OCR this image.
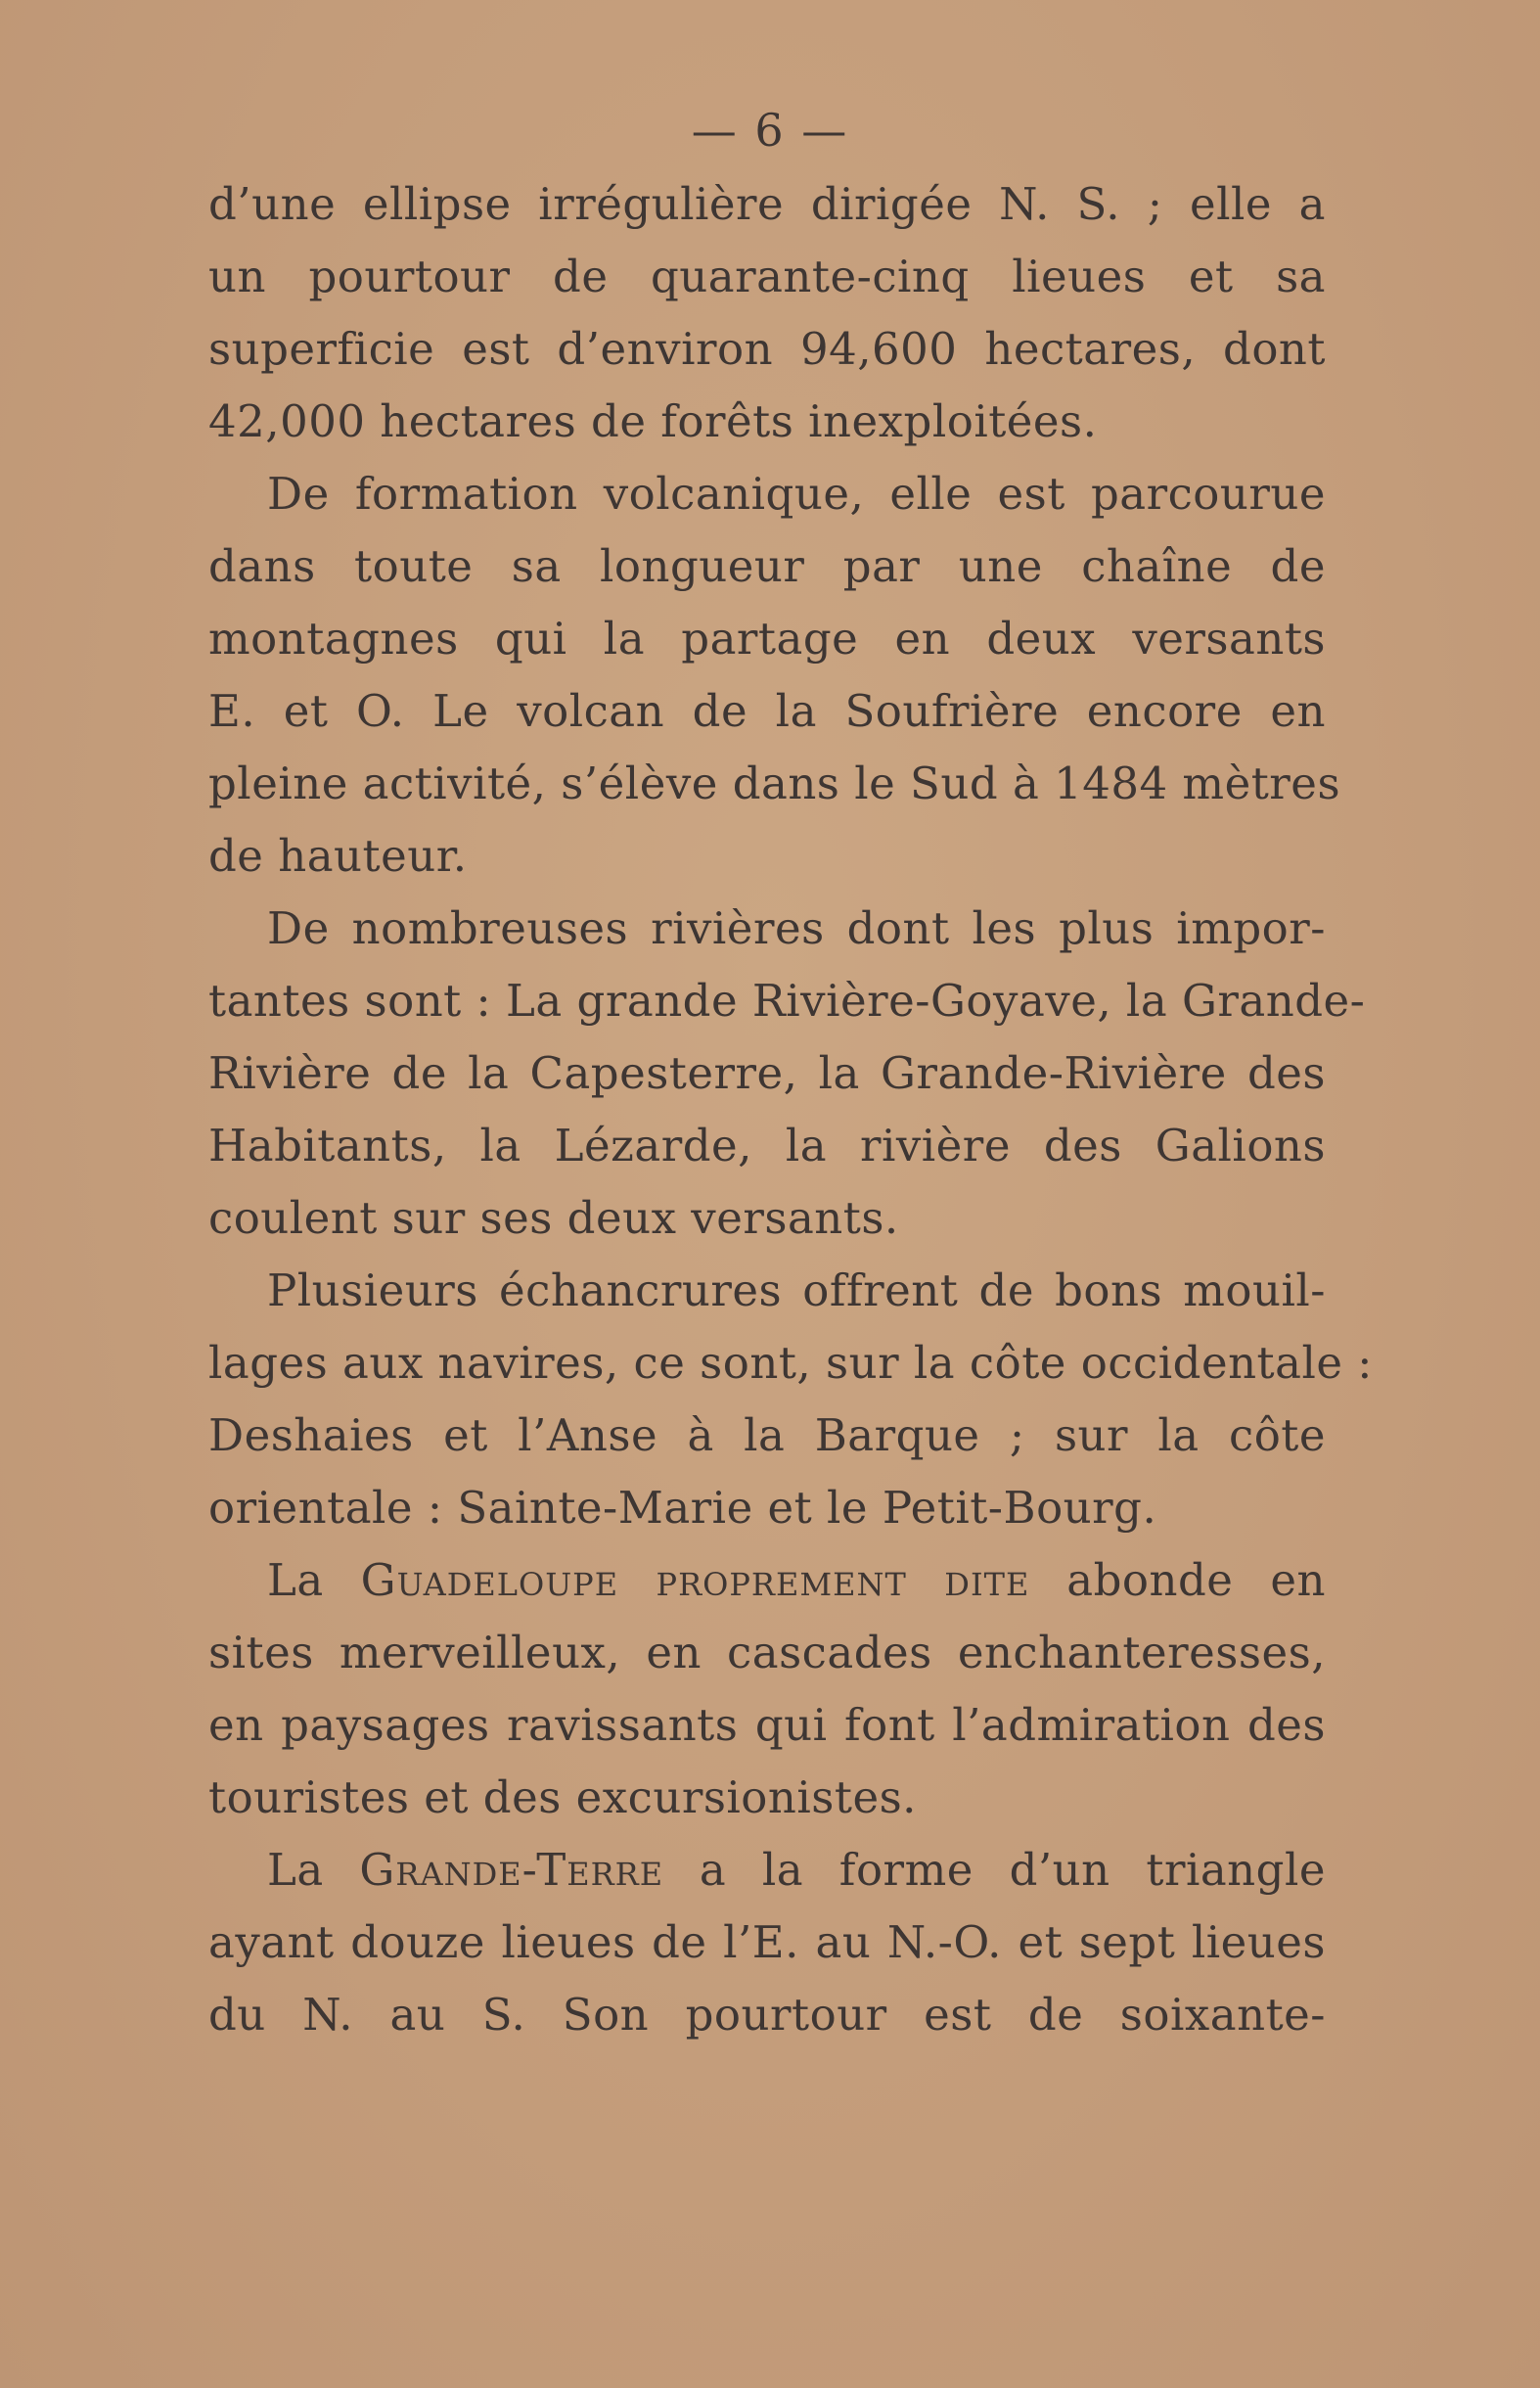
— 6 —
d’une ellipse irrégulière dirigée N. S. ; elle a
un pourtour de quarante-cinq lieues et sa
superficie est d’environ 94,600 hectares, dont
42,000 hectares de forêts inexploitées.
De formation volcanique, elle est parcourue
dans toute sa longueur par une chaîne de
montagnes qui la partage en deux versants
E. et O. Le volcan de la Soufrière encore en
pleine activité, s’élève dans le Sud à 1484 mètres
de hauteur.
De nombreuses rivières dont les plus impor-
tantes sont : La grande Rivière-Goyave, la Grande-
Rivière de la Capesterre, la Grande-Rivière des
Habitants, la Lézarde, la rivière des Galions
coulent sur ses deux versants.
Plusieurs échancrures offrent de bons mouil-
lages aux navires, ce sont, sur la côte occidentale :
Deshaies et l’Anse à la Barque ; sur la côte
orientale : Sainte-Marie et le Petit-Bourg.
La Guadeloupe proprement dite abonde en
sites merveilleux, en cascades enchanteresses,
en paysages ravissants qui font l’admiration des
touristes et des excursionistes.
La Grande-Terre a la forme d’un triangle
ayant douze lieues de l’E. au N.-O. et sept lieues
du N. au S. Son pourtour est de soixante-
